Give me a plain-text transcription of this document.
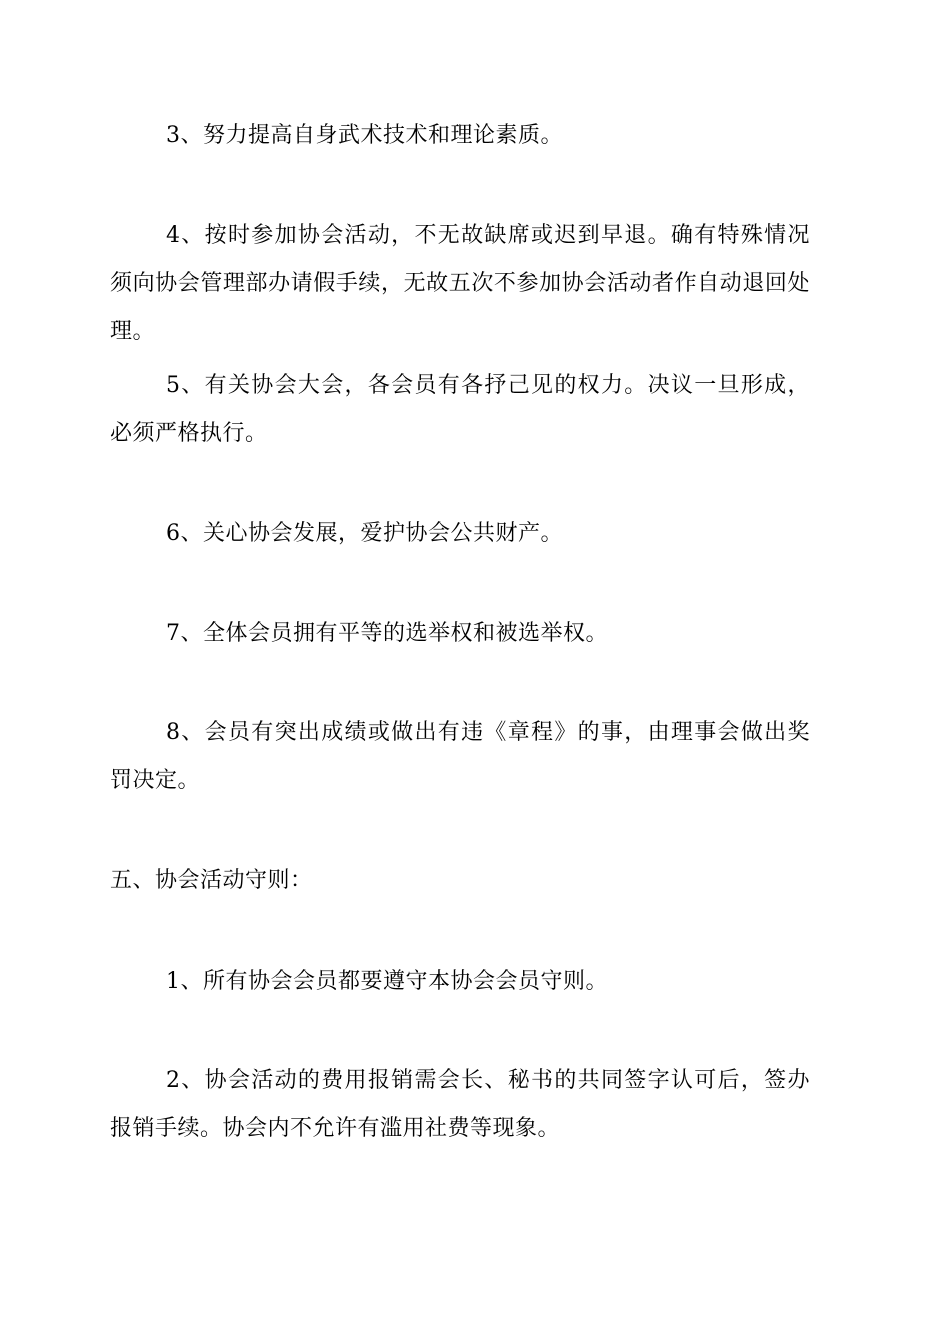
3、努力提高自身武术技术和理论素质。

4、按时参加协会活动，不无故缺席或迟到早退。确有特殊情况须向协会管理部办请假手续，无故五次不参加协会活动者作自动退回处理。

5、有关协会大会，各会员有各抒己见的权力。决议一旦形成，必须严格执行。

6、关心协会发展，爱护协会公共财产。

7、全体会员拥有平等的选举权和被选举权。

8、会员有突出成绩或做出有违《章程》的事，由理事会做出奖罚决定。

五、协会活动守则：

1、所有协会会员都要遵守本协会会员守则。

2、协会活动的费用报销需会长、秘书的共同签字认可后，签办报销手续。协会内不允许有滥用社费等现象。
